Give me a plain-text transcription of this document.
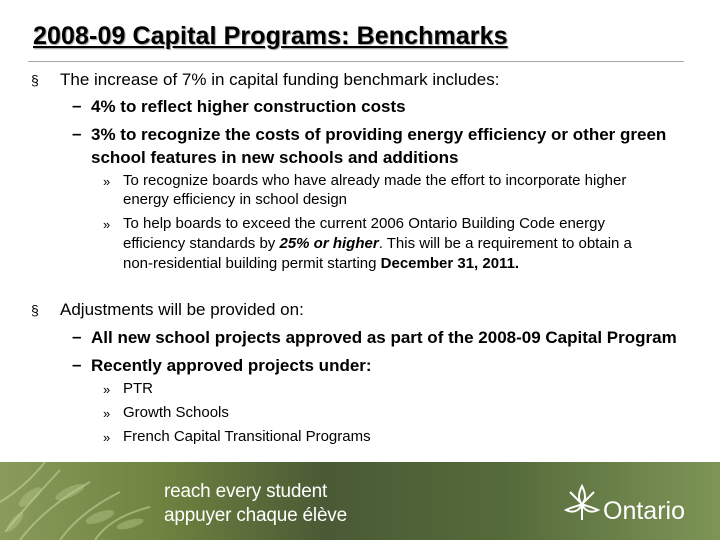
2008-09 Capital Programs: Benchmarks
§ The increase of 7% in capital funding benchmark includes:
– 4% to reflect higher construction costs
– 3% to recognize the costs of providing energy efficiency or other green
school features in new schools and additions
» To recognize boards who have already made the effort to incorporate higher
energy efficiency in school design
» To help boards to exceed the current 2006 Ontario Building Code energy
efficiency standards by 25% or higher. This will be a requirement to obtain a
non-residential building permit starting December 31, 2011.
§ Adjustments will be provided on:
– All new school projects approved as part of the 2008-09 Capital Program
– Recently approved projects under:
» PTR
» Growth Schools
» French Capital Transitional Programs
reach every student
appuyer chaque élève	Ontario
